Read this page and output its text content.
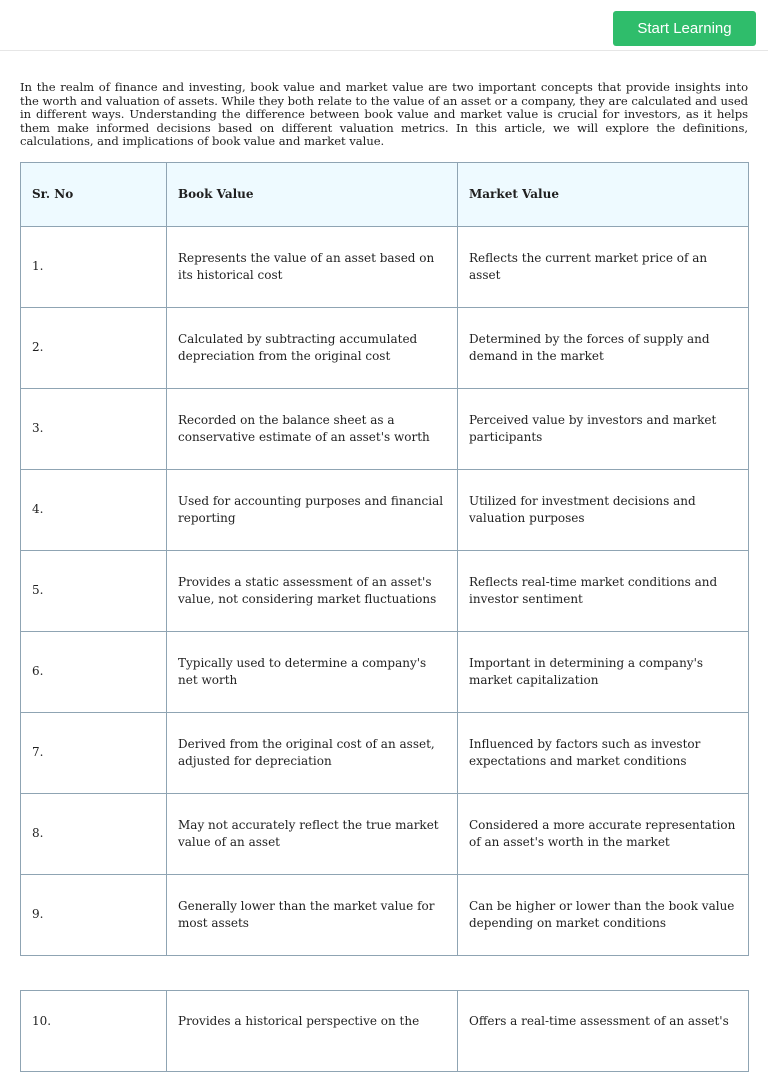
Start Learning

In the realm of finance and investing, book value and market value are two important concepts that provide insights into the worth and valuation of assets. While they both relate to the value of an asset or a company, they are calculated and used in different ways. Understanding the difference between book value and market value is crucial for investors, as it helps them make informed decisions based on different valuation metrics. In this article, we will explore the definitions, calculations, and implications of book value and market value.

Sr. No	Book Value	Market Value
1.	Represents the value of an asset based on its historical cost	Reflects the current market price of an asset
2.	Calculated by subtracting accumulated depreciation from the original cost	Determined by the forces of supply and demand in the market
3.	Recorded on the balance sheet as a conservative estimate of an asset's worth	Perceived value by investors and market participants
4.	Used for accounting purposes and financial reporting	Utilized for investment decisions and valuation purposes
5.	Provides a static assessment of an asset's value, not considering market fluctuations	Reflects real-time market conditions and investor sentiment
6.	Typically used to determine a company's net worth	Important in determining a company's market capitalization
7.	Derived from the original cost of an asset, adjusted for depreciation	Influenced by factors such as investor expectations and market conditions
8.	May not accurately reflect the true market value of an asset	Considered a more accurate representation of an asset's worth in the market
9.	Generally lower than the market value for most assets	Can be higher or lower than the book value depending on market conditions
10.	Provides a historical perspective on the	Offers a real-time assessment of an asset's
